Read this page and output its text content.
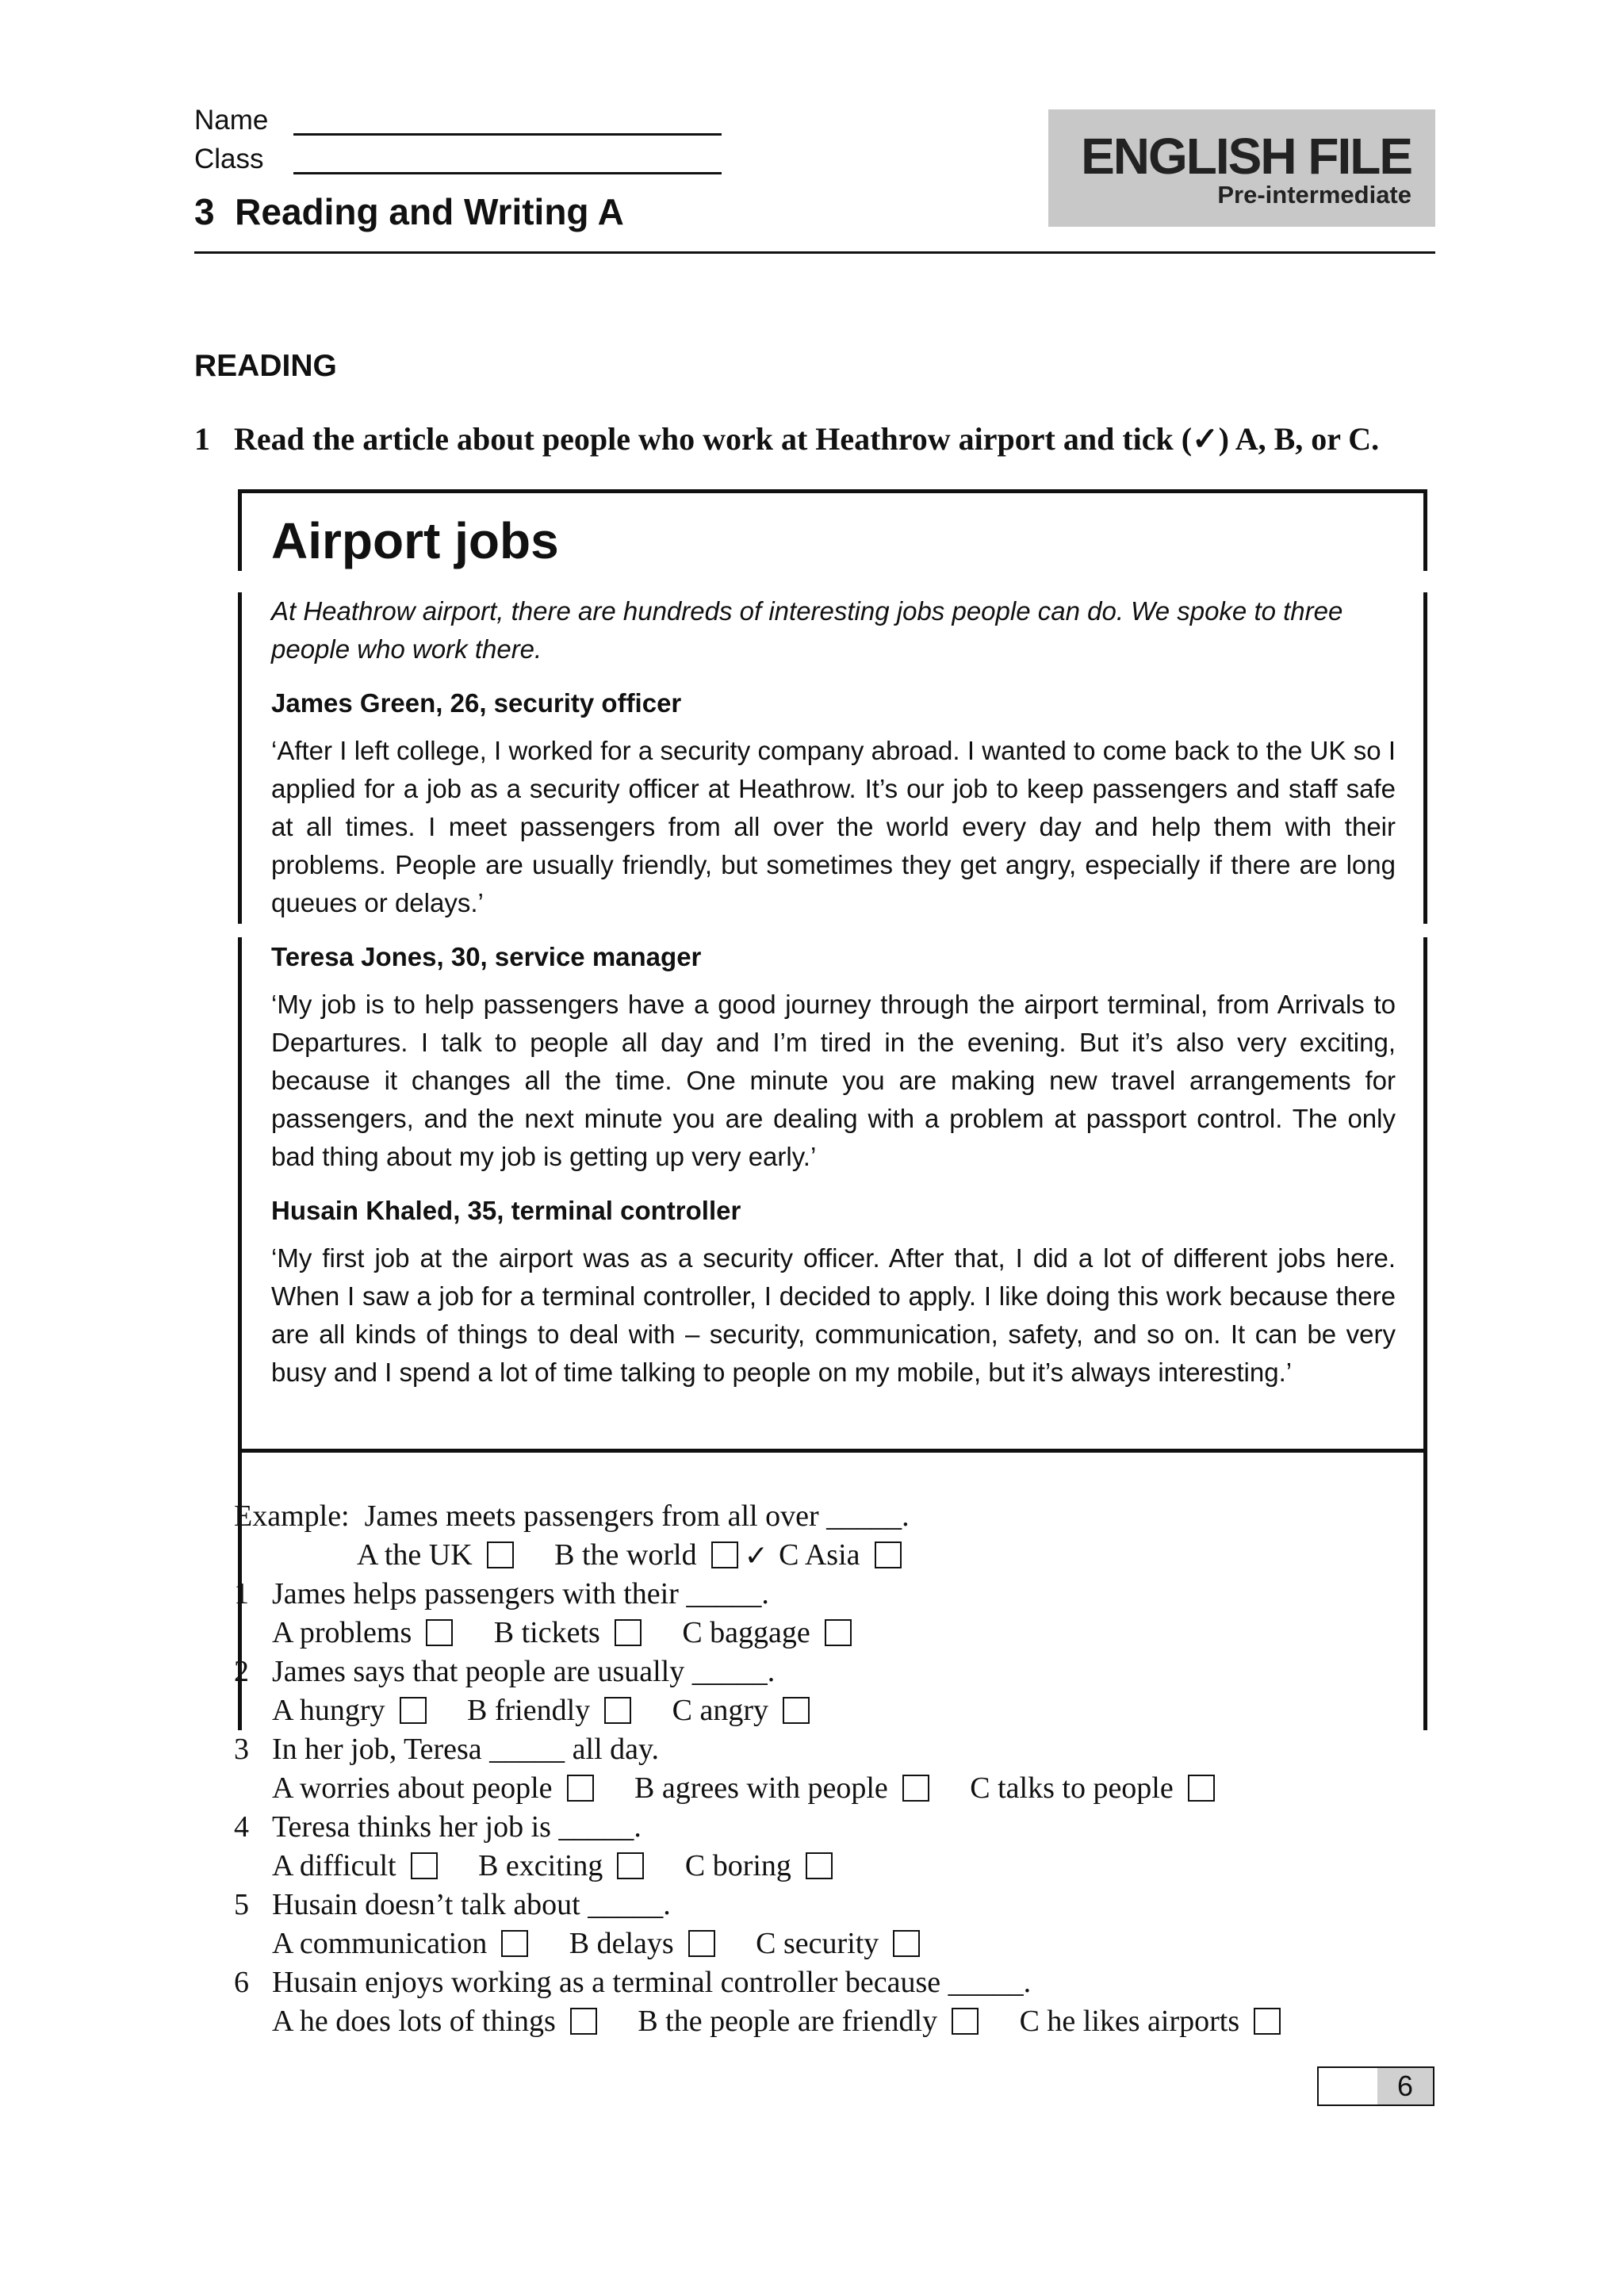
Name
Class
3 Reading and Writing A
ENGLISH FILE
Pre-intermediate
READING
1 Read the article about people who work at Heathrow airport and tick (✓) A, B, or C.
Airport jobs

At Heathrow airport, there are hundreds of interesting jobs people can do. We spoke to three people who work there.

James Green, 26, security officer

‘After I left college, I worked for a security company abroad. I wanted to come back to the UK so I applied for a job as a security officer at Heathrow. It’s our job to keep passengers and staff safe at all times. I meet passengers from all over the world every day and help them with their problems. People are usually friendly, but sometimes they get angry, especially if there are long queues or delays.’

Teresa Jones, 30, service manager

‘My job is to help passengers have a good journey through the airport terminal, from Arrivals to Departures. I talk to people all day and I’m tired in the evening. But it’s also very exciting, because it changes all the time. One minute you are making new travel arrangements for passengers, and the next minute you are dealing with a problem at passport control. The only bad thing about my job is getting up very early.’

Husain Khaled, 35, terminal controller

‘My first job at the airport was as a security officer. After that, I did a lot of different jobs here. When I saw a job for a terminal controller, I decided to apply. I like doing this work because there are all kinds of things to deal with – security, communication, safety, and so on. It can be very busy and I spend a lot of time talking to people on my mobile, but it’s always interesting.’

Example: James meets passengers from all over _____.
A the UK	B the world ✓ C Asia
1 James helps passengers with their _____.
A problems	B tickets	C baggage
2 James says that people are usually _____.
A hungry	B friendly	C angry
3 In her job, Teresa _____ all day.
A worries about people	B agrees with people	C talks to people
4 Teresa thinks her job is _____.
A difficult	B exciting	C boring
5 Husain doesn’t talk about _____.
A communication	B delays	C security
6 Husain enjoys working as a terminal controller because _____.
A he does lots of things	B the people are friendly	C he likes airports
6
